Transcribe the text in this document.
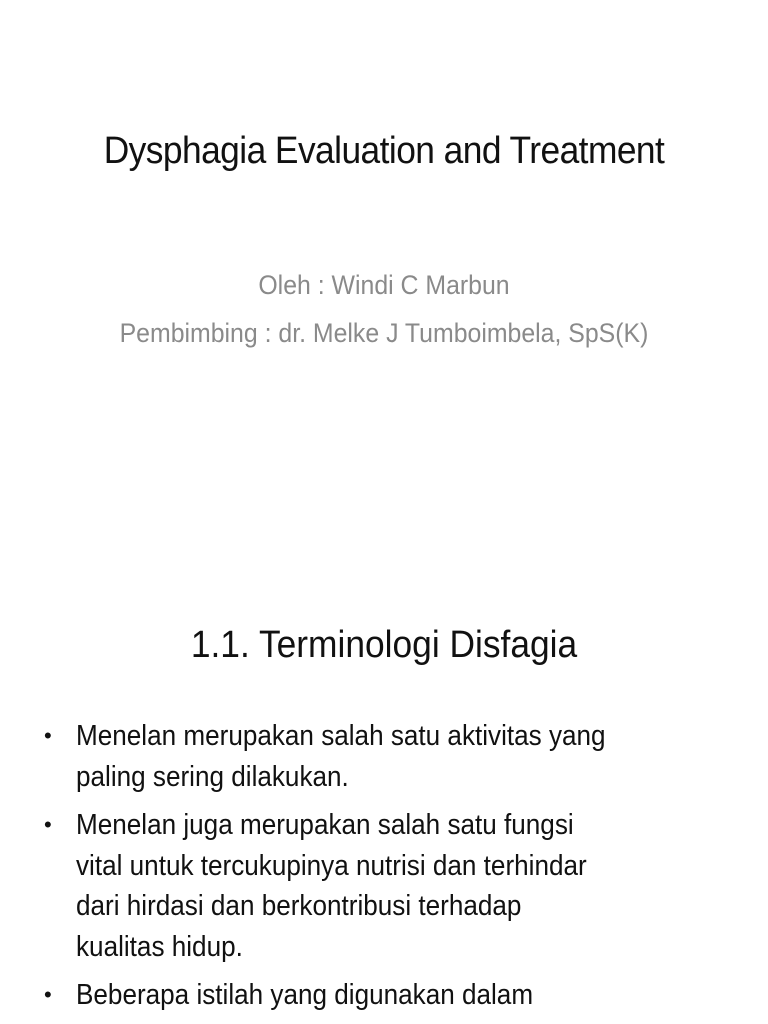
Dysphagia Evaluation and Treatment
Oleh : Windi C Marbun
Pembimbing : dr. Melke J Tumboimbela, SpS(K)
1.1. Terminologi Disfagia
• Menelan merupakan salah satu aktivitas yang
paling sering dilakukan.
• Menelan juga merupakan salah satu fungsi
vital untuk tercukupinya nutrisi dan terhindar
dari hirdasi dan berkontribusi terhadap
kualitas hidup.
• Beberapa istilah yang digunakan dalam
